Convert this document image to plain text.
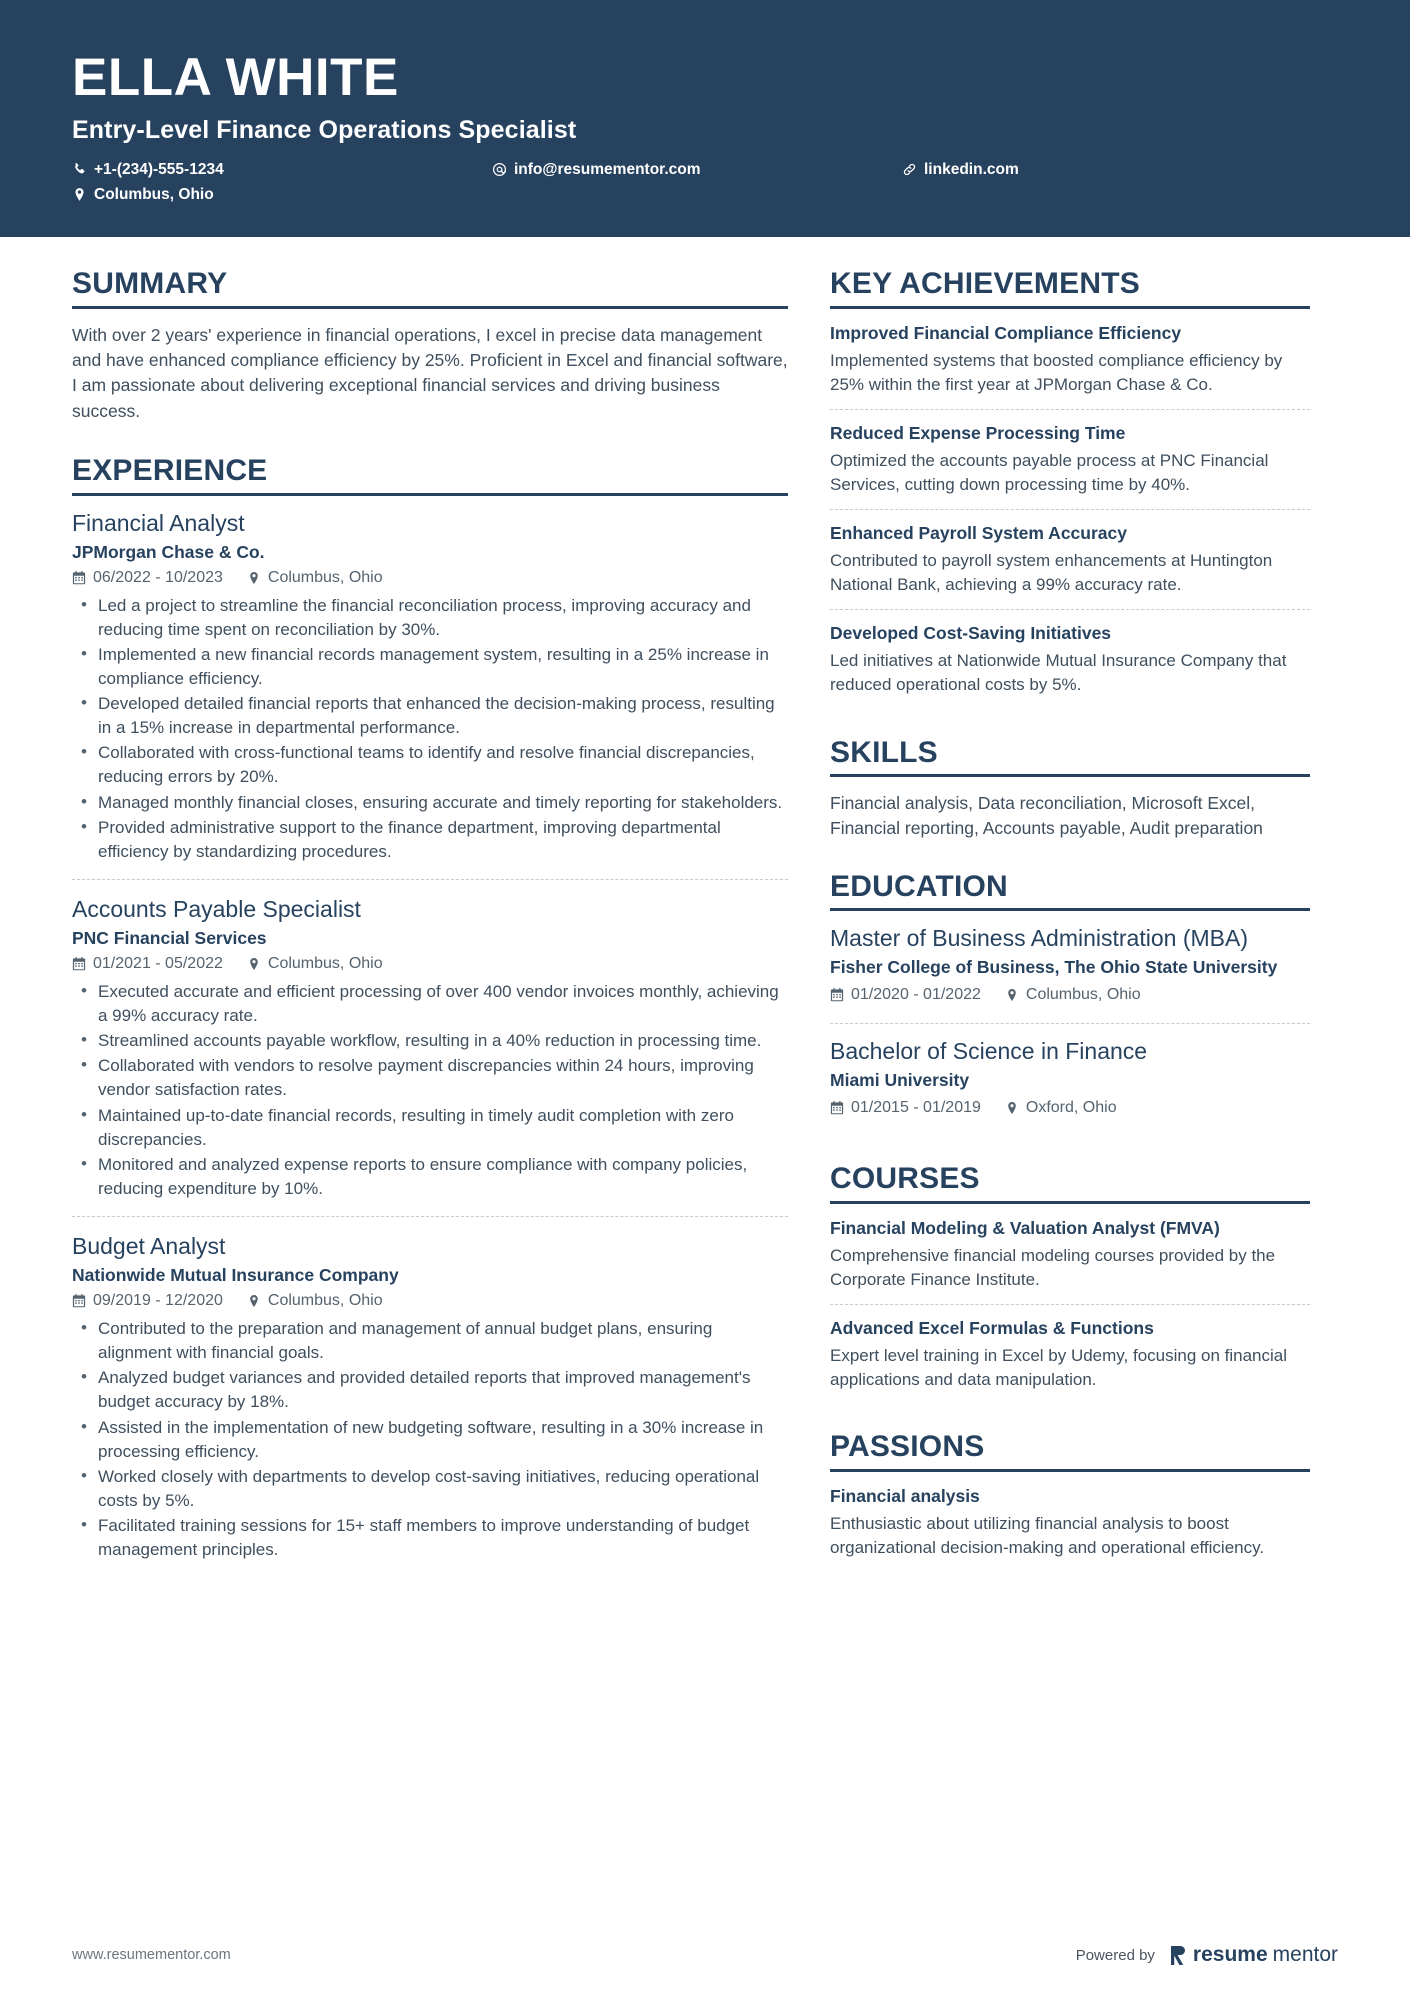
ELLA WHITE
Entry-Level Finance Operations Specialist
+1-(234)-555-1234	info@resumementor.com	linkedin.com
Columbus, Ohio
SUMMARY

With over 2 years' experience in financial operations, I excel in precise data management and have enhanced compliance efficiency by 25%. Proficient in Excel and financial software, I am passionate about delivering exceptional financial services and driving business success.

EXPERIENCE
Financial Analyst
JPMorgan Chase & Co.
06/2022 - 10/2023	Columbus, Ohio
• Led a project to streamline the financial reconciliation process, improving accuracy and reducing time spent on reconciliation by 30%.
• Implemented a new financial records management system, resulting in a 25% increase in compliance efficiency.
• Developed detailed financial reports that enhanced the decision-making process, resulting in a 15% increase in departmental performance.
• Collaborated with cross-functional teams to identify and resolve financial discrepancies, reducing errors by 20%.
• Managed monthly financial closes, ensuring accurate and timely reporting for stakeholders.
• Provided administrative support to the finance department, improving departmental efficiency by standardizing procedures.
Accounts Payable Specialist
PNC Financial Services
01/2021 - 05/2022	Columbus, Ohio
• Executed accurate and efficient processing of over 400 vendor invoices monthly, achieving a 99% accuracy rate.
• Streamlined accounts payable workflow, resulting in a 40% reduction in processing time.
• Collaborated with vendors to resolve payment discrepancies within 24 hours, improving vendor satisfaction rates.
• Maintained up-to-date financial records, resulting in timely audit completion with zero discrepancies.
• Monitored and analyzed expense reports to ensure compliance with company policies, reducing expenditure by 10%.
Budget Analyst
Nationwide Mutual Insurance Company
09/2019 - 12/2020	Columbus, Ohio
• Contributed to the preparation and management of annual budget plans, ensuring alignment with financial goals.
• Analyzed budget variances and provided detailed reports that improved management's budget accuracy by 18%.
• Assisted in the implementation of new budgeting software, resulting in a 30% increase in processing efficiency.
• Worked closely with departments to develop cost-saving initiatives, reducing operational costs by 5%.
• Facilitated training sessions for 15+ staff members to improve understanding of budget management principles.
KEY ACHIEVEMENTS
Improved Financial Compliance Efficiency
Implemented systems that boosted compliance efficiency by 25% within the first year at JPMorgan Chase & Co.
Reduced Expense Processing Time
Optimized the accounts payable process at PNC Financial Services, cutting down processing time by 40%.
Enhanced Payroll System Accuracy
Contributed to payroll system enhancements at Huntington National Bank, achieving a 99% accuracy rate.
Developed Cost-Saving Initiatives
Led initiatives at Nationwide Mutual Insurance Company that reduced operational costs by 5%.
SKILLS

Financial analysis, Data reconciliation, Microsoft Excel, Financial reporting, Accounts payable, Audit preparation

EDUCATION
Master of Business Administration (MBA)
Fisher College of Business, The Ohio State University
01/2020 - 01/2022	Columbus, Ohio
Bachelor of Science in Finance
Miami University
01/2015 - 01/2019	Oxford, Ohio
COURSES
Financial Modeling & Valuation Analyst (FMVA)
Comprehensive financial modeling courses provided by the Corporate Finance Institute.
Advanced Excel Formulas & Functions
Expert level training in Excel by Udemy, focusing on financial applications and data manipulation.
PASSIONS
Financial analysis
Enthusiastic about utilizing financial analysis to boost organizational decision-making and operational efficiency.
www.resumementor.com	Powered by resume mentor
